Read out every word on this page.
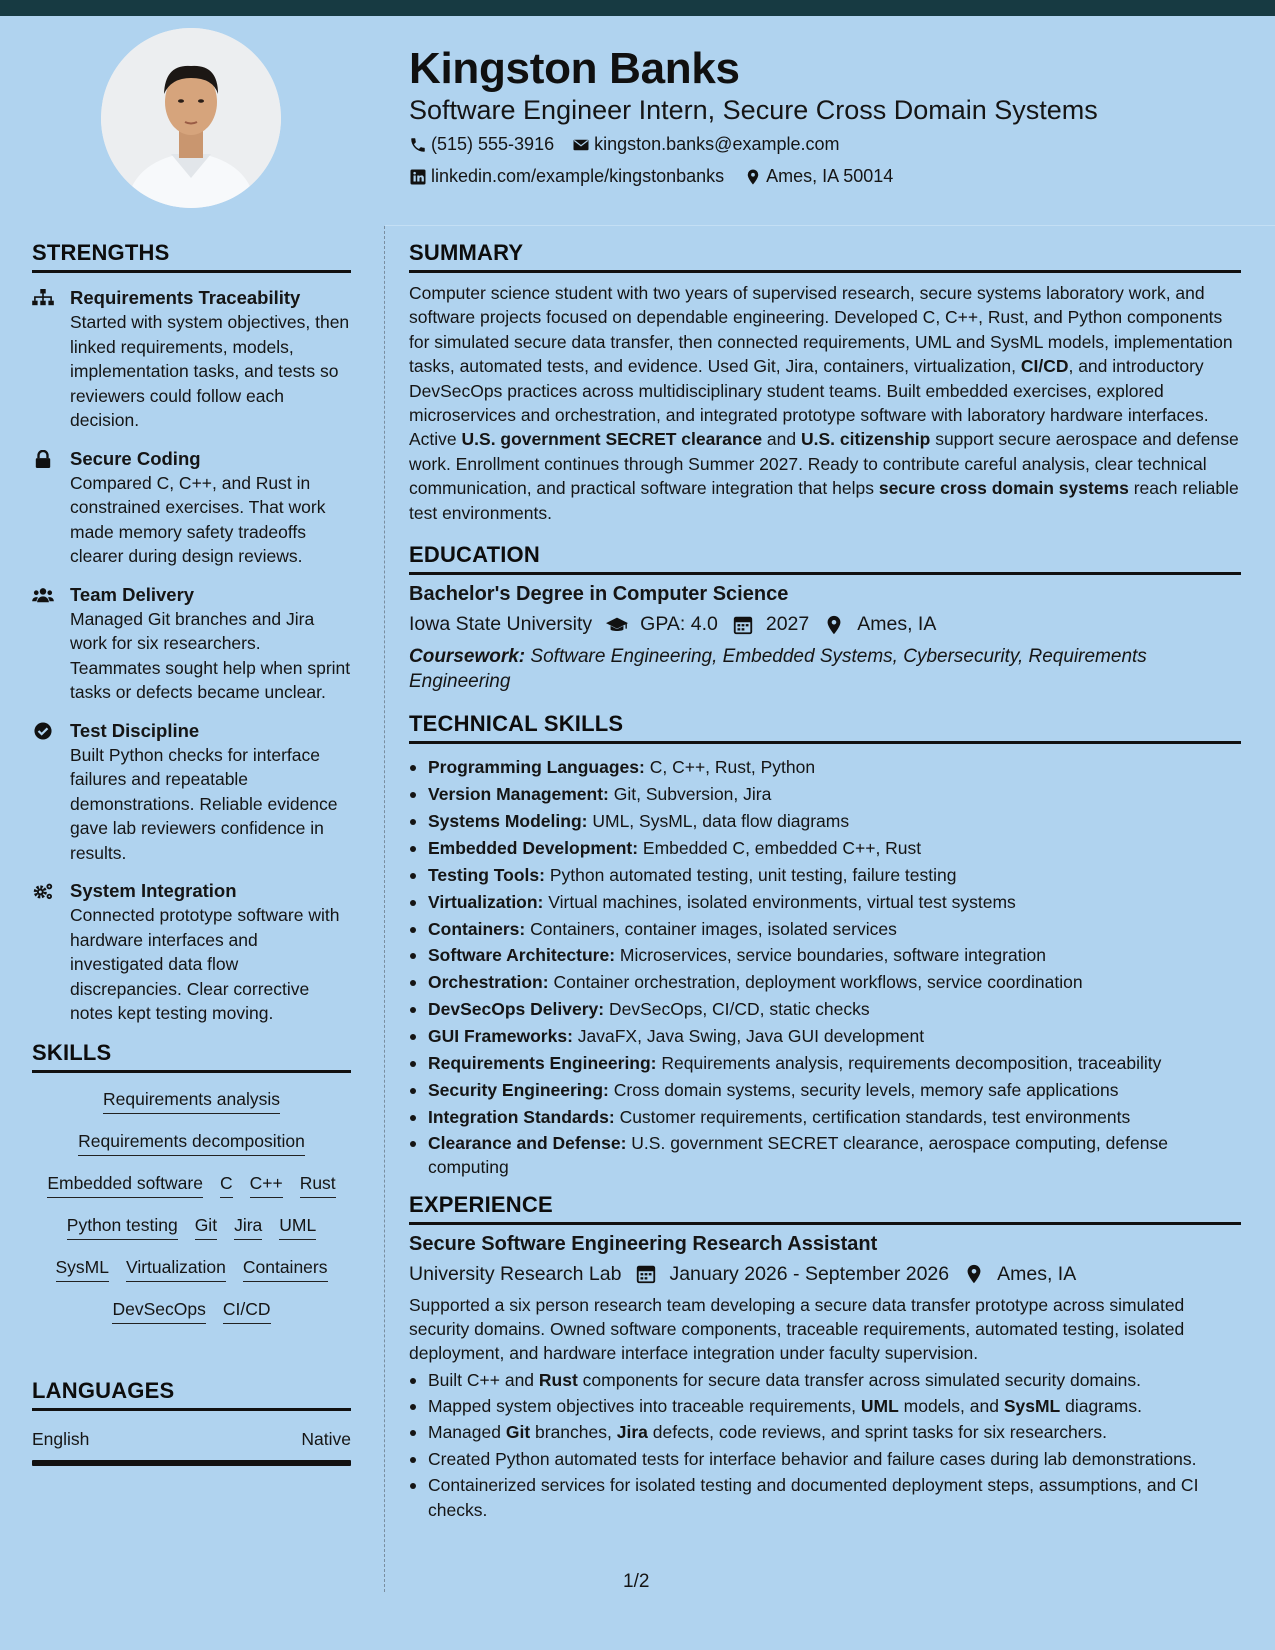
Kingston Banks
Software Engineer Intern, Secure Cross Domain Systems
(515) 555-3916 kingston.banks@example.com
linkedin.com/example/kingstonbanks Ames, IA 50014
STRENGTHS
Requirements Traceability
Started with system objectives, then linked requirements, models, implementation tasks, and tests so reviewers could follow each decision.
Secure Coding
Compared C, C++, and Rust in constrained exercises. That work made memory safety tradeoffs clearer during design reviews.
Team Delivery
Managed Git branches and Jira work for six researchers. Teammates sought help when sprint tasks or defects became unclear.
Test Discipline
Built Python checks for interface failures and repeatable demonstrations. Reliable evidence gave lab reviewers confidence in results.
System Integration
Connected prototype software with hardware interfaces and investigated data flow discrepancies. Clear corrective notes kept testing moving.
SKILLS
Requirements analysis
Requirements decomposition
Embedded software C C++ Rust
Python testing Git Jira UML
SysML Virtualization Containers
DevSecOps CI/CD
LANGUAGES
English	Native
SUMMARY

Computer science student with two years of supervised research, secure systems laboratory work, and software projects focused on dependable engineering. Developed C, C++, Rust, and Python components for simulated secure data transfer, then connected requirements, UML and SysML models, implementation tasks, automated tests, and evidence. Used Git, Jira, containers, virtualization, CI/CD, and introductory DevSecOps practices across multidisciplinary student teams. Built embedded exercises, explored microservices and orchestration, and integrated prototype software with laboratory hardware interfaces. Active U.S. government SECRET clearance and U.S. citizenship support secure aerospace and defense work. Enrollment continues through Summer 2027. Ready to contribute careful analysis, clear technical communication, and practical software integration that helps secure cross domain systems reach reliable test environments.

EDUCATION
Bachelor's Degree in Computer Science
Iowa State University GPA: 4.0 2027 Ames, IA

Coursework: Software Engineering, Embedded Systems, Cybersecurity, Requirements Engineering

TECHNICAL SKILLS
Programming Languages: C, C++, Rust, Python
Version Management: Git, Subversion, Jira
Systems Modeling: UML, SysML, data flow diagrams
Embedded Development: Embedded C, embedded C++, Rust
Testing Tools: Python automated testing, unit testing, failure testing
Virtualization: Virtual machines, isolated environments, virtual test systems
Containers: Containers, container images, isolated services
Software Architecture: Microservices, service boundaries, software integration
Orchestration: Container orchestration, deployment workflows, service coordination
DevSecOps Delivery: DevSecOps, CI/CD, static checks
GUI Frameworks: JavaFX, Java Swing, Java GUI development
Requirements Engineering: Requirements analysis, requirements decomposition, traceability
Security Engineering: Cross domain systems, security levels, memory safe applications
Integration Standards: Customer requirements, certification standards, test environments
Clearance and Defense: U.S. government SECRET clearance, aerospace computing, defense computing
EXPERIENCE
Secure Software Engineering Research Assistant
University Research Lab January 2026 - September 2026 Ames, IA

Supported a six person research team developing a secure data transfer prototype across simulated security domains. Owned software components, traceable requirements, automated testing, isolated deployment, and hardware interface integration under faculty supervision.

Built C++ and Rust components for secure data transfer across simulated security domains.
Mapped system objectives into traceable requirements, UML models, and SysML diagrams.
Managed Git branches, Jira defects, code reviews, and sprint tasks for six researchers.
Created Python automated tests for interface behavior and failure cases during lab demonstrations.
Containerized services for isolated testing and documented deployment steps, assumptions, and CI checks.
1/2
